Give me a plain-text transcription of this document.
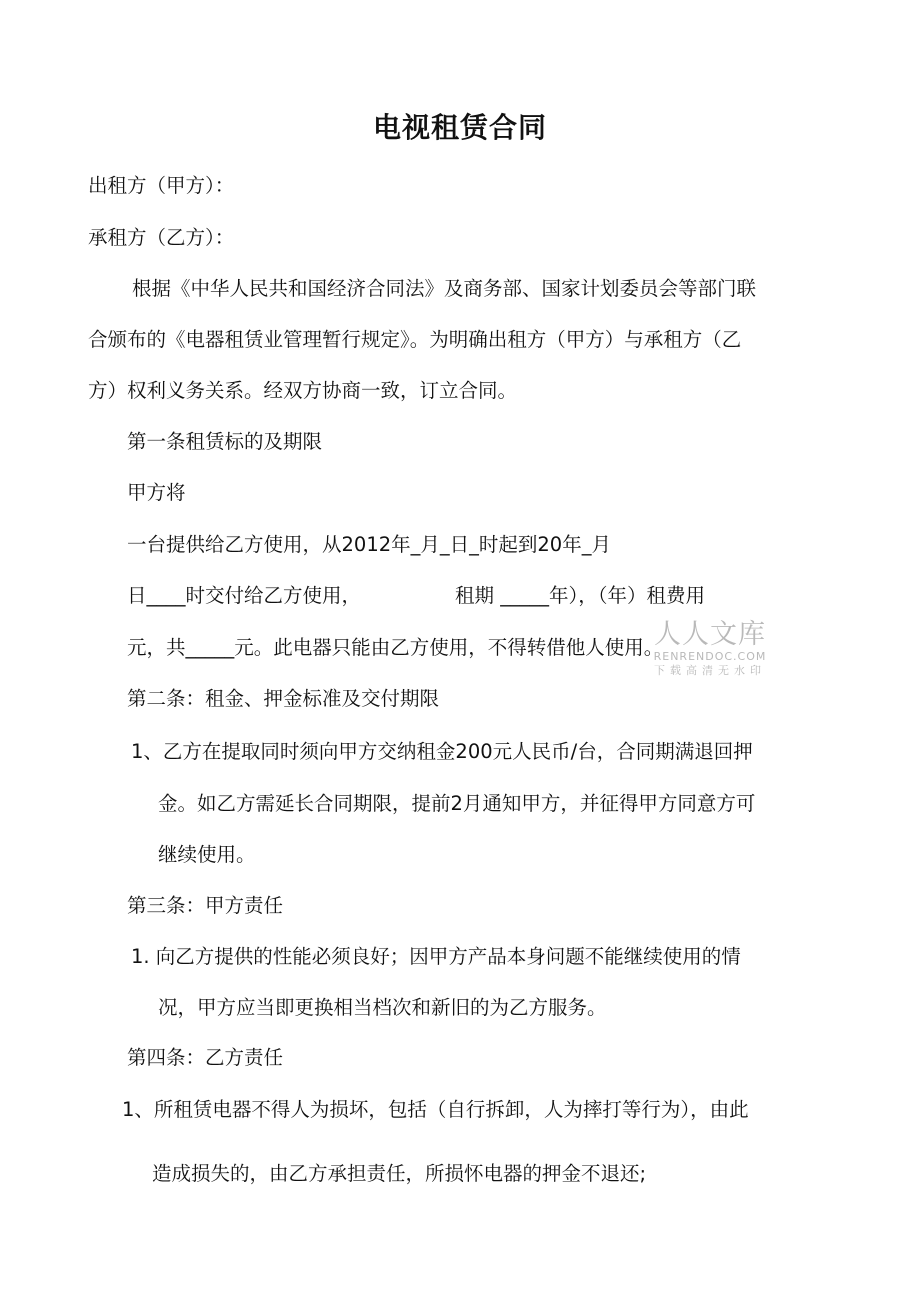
电视租赁合同
出租方（甲方）：
承租方（乙方）：
根据《中华人民共和国经济合同法》及商务部、国家计划委员会等部门联
合颁布的《电器租赁业管理暂行规定》。为明确出租方（甲方）与承租方（乙
方）权利义务关系。经双方协商一致，订立合同。
第一条租赁标的及期限
甲方将
一台提供给乙方使用，从2012年_月_日_时起到20年_月
日____时交付给乙方使用，	租期 _____年），（年）租费用
元，共_____元。此电器只能由乙方使用，不得转借他人使用。
第二条：租金、押金标准及交付期限
1、乙方在提取同时须向甲方交纳租金200元人民币/台，合同期满退回押
金。如乙方需延长合同期限，提前2月通知甲方，并征得甲方同意方可
继续使用。
第三条：甲方责任
1. 向乙方提供的性能必须良好；因甲方产品本身问题不能继续使用的情
况，甲方应当即更换相当档次和新旧的为乙方服务。
第四条：乙方责任
1、所租赁电器不得人为损坏，包括（自行拆卸，人为摔打等行为），由此
造成损失的，由乙方承担责任，所损怀电器的押金不退还;
人人文库
RENRENDOC.COM
下载高清无水印
